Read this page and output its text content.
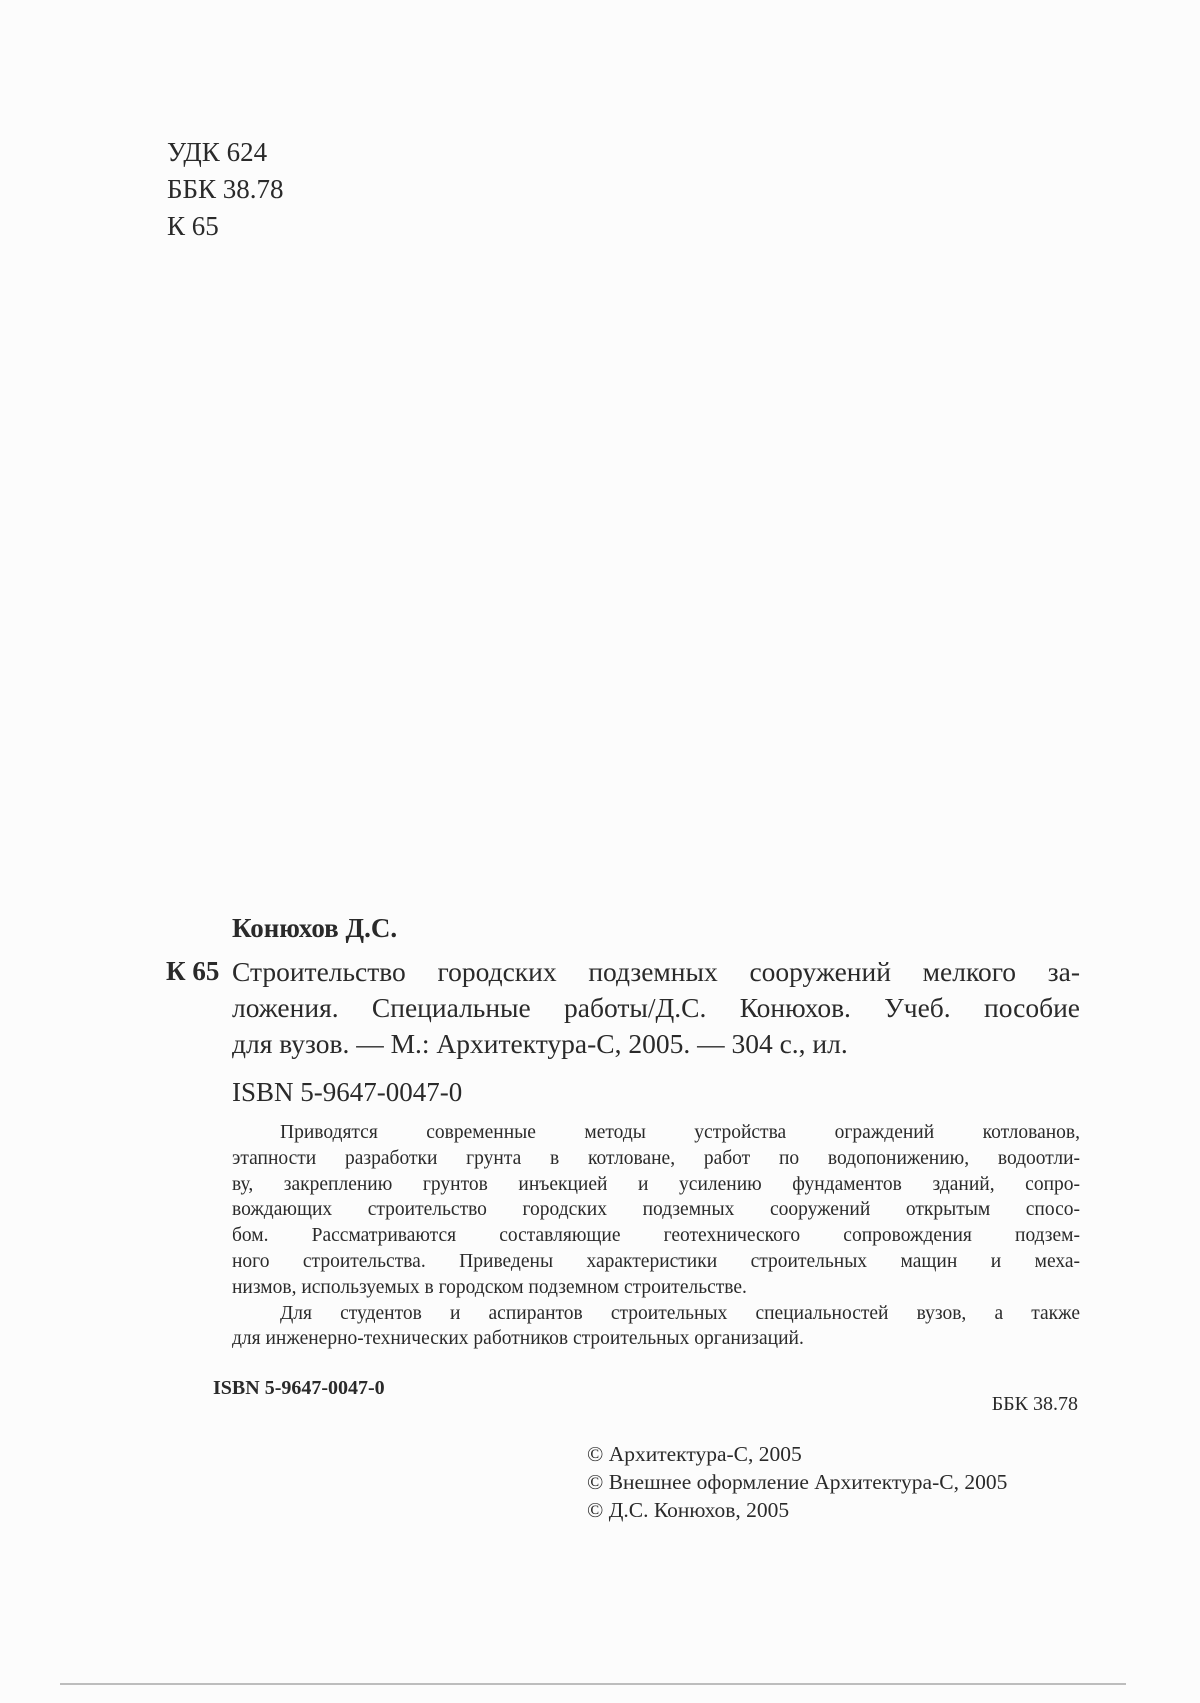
УДК 624
ББК 38.78
К 65
Конюхов Д.С.
К 65 Строительство городских подземных сооружений мелкого за-
ложения. Специальные работы/Д.С. Конюхов. Учеб. пособие
для вузов. — М.: Архитектура-С, 2005. — 304 с., ил.
ISBN 5-9647-0047-0
Приводятся современные методы устройства ограждений котлованов,
этапности разработки грунта в котловане, работ по водопонижению, водоотли-
ву, закреплению грунтов инъекцией и усилению фундаментов зданий, сопро-
вождающих строительство городских подземных сооружений открытым спосо-
бом. Рассматриваются составляющие геотехнического сопровождения подзем-
ного строительства. Приведены характеристики строительных мащин и меха-
низмов, используемых в городском подземном строительстве.
Для студентов и аспирантов строительных специальностей вузов, а также
для инженерно-технических работников строительных организаций.
ISBN 5-9647-0047-0
ББК 38.78
© Архитектура-С, 2005
© Внешнее оформление Архитектура-С, 2005
© Д.С. Конюхов, 2005
